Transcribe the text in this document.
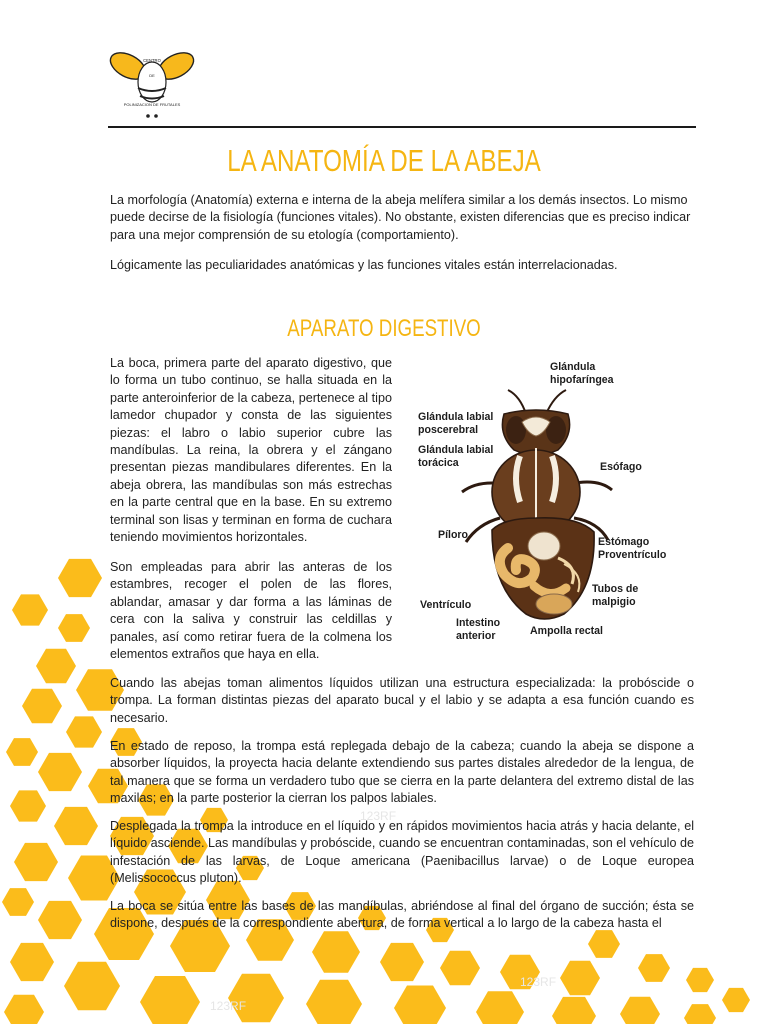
123RF
123RF
123RF
CENTRO
DE
POLINIZACION DE FRUTALES
LA ANATOMÍA DE LA ABEJA

La morfología (Anatomía) externa e interna de la abeja melífera similar a los demás insectos. Lo mismo puede decirse de la fisiología (funciones vitales). No obstante, existen diferencias que es preciso indicar para una mejor comprensión de su etología (comportamiento).

Lógicamente las peculiaridades anatómicas y las funciones vitales están interrelacionadas.

APARATO DIGESTIVO

La boca, primera parte del aparato digestivo, que lo forma un tubo continuo, se halla situada en la parte anteroinferior de la cabeza, pertenece al tipo lamedor chupador y consta de las siguientes piezas: el labro o labio superior cubre las mandíbulas. La reina, la obrera y el zángano presentan piezas mandibulares diferentes. En la abeja obrera, las mandíbulas son más estrechas en la parte central que en la base. En su extremo terminal son lisas y terminan en forma de cuchara teniendo movimientos horizontales.

Son empleadas para abrir las anteras de los estambres, recoger el polen de las flores, ablandar, amasar y dar forma a las láminas de cera con la saliva y construir las celdillas y panales, así como retirar fuera de la colmena los elementos extraños que haya en ella.

Cuando las abejas toman alimentos líquidos utilizan una estructura especializada: la probóscide o trompa. La forman distintas piezas del aparato bucal y el labio y se adapta a esa función cuando es necesario.

En estado de reposo, la trompa está replegada debajo de la cabeza; cuando la abeja se dispone a absorber líquidos, la proyecta hacia delante extendiendo sus partes distales alrededor de la lengua, de tal manera que se forma un verdadero tubo que se cierra en la parte delantera del extremo distal de las maxilas; en la parte posterior la cierran los palpos labiales.

Desplegada la trompa la introduce en el líquido y en rápidos movimientos hacia atrás y hacia delante, el líquido asciende. Las mandíbulas y probóscide, cuando se encuentran contaminadas, son el vehículo de infestación de las larvas, de Loque americana (Paenibacillus larvae) o de Loque europea (Melissococcus pluton).

La boca se sitúa entre las bases de las mandíbulas, abriéndose al final del órgano de succión; ésta se dispone, después de la correspondiente abertura, de forma vertical a lo largo de la cabeza hasta el

Glándula
hipofaríngea
Glándula labial
poscerebral
Glándula labial
torácica	Esófago
Píloro
Estómago
Proventrículo
Tubos de
malpigio
Ventrículo
Intestino
anterior	Ampolla rectal
